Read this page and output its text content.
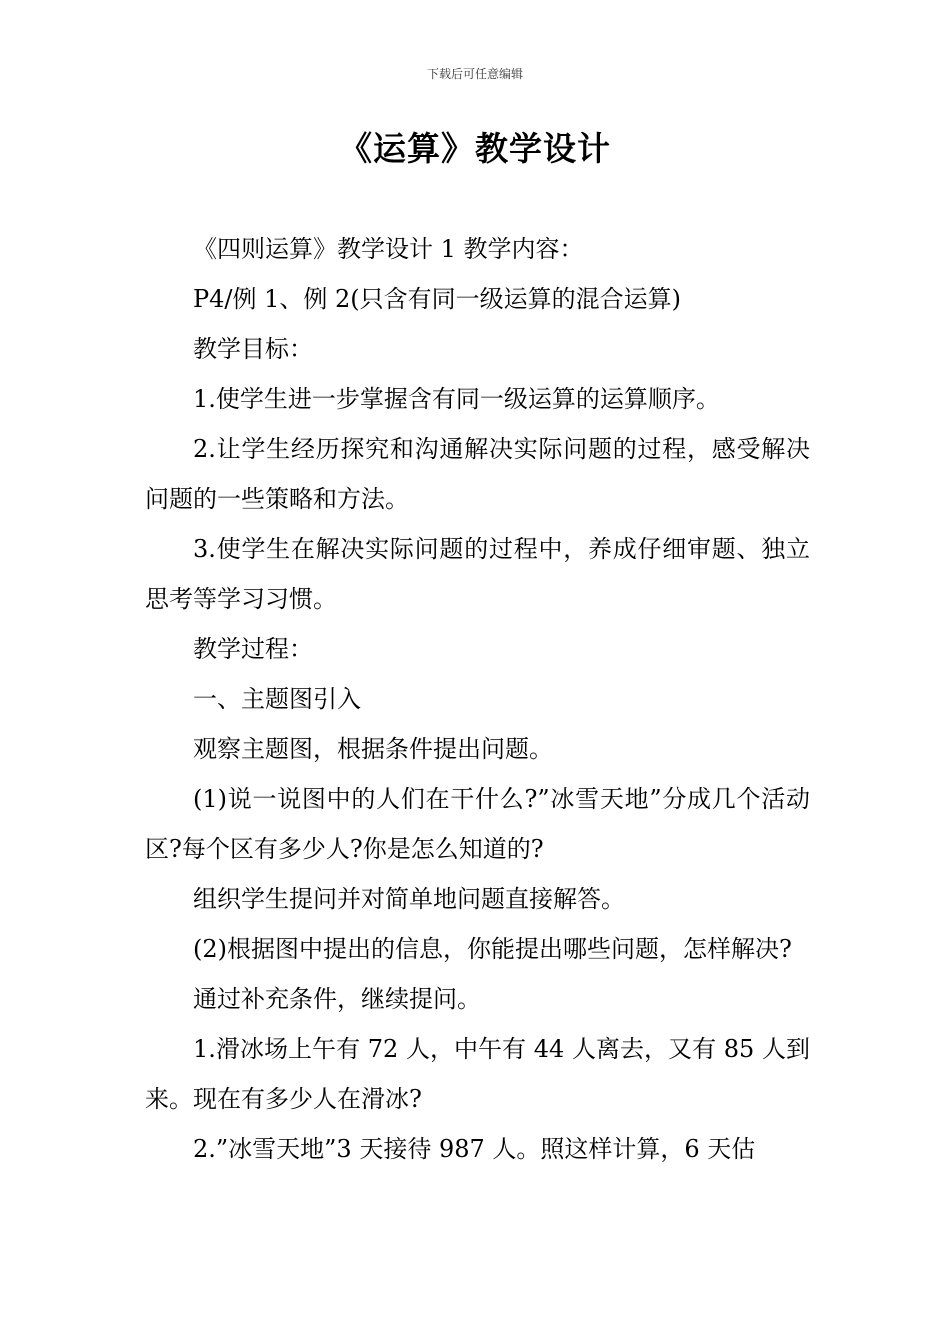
下载后可任意编辑
《运算》教学设计

《四则运算》教学设计 1 教学内容：

P4/例 1、例 2(只含有同一级运算的混合运算)

教学目标：

1.使学生进一步掌握含有同一级运算的运算顺序。

2.让学生经历探究和沟通解决实际问题的过程，感受解决问题的一些策略和方法。

3.使学生在解决实际问题的过程中，养成仔细审题、独立思考等学习习惯。

教学过程：

一、主题图引入

观察主题图，根据条件提出问题。

(1)说一说图中的人们在干什么?”冰雪天地”分成几个活动区?每个区有多少人?你是怎么知道的?

组织学生提问并对简单地问题直接解答。

(2)根据图中提出的信息，你能提出哪些问题，怎样解决?

通过补充条件，继续提问。

1.滑冰场上午有 72 人，中午有 44 人离去，又有 85 人到来。现在有多少人在滑冰?

2.”冰雪天地”3 天接待 987 人。照这样计算，6 天估
